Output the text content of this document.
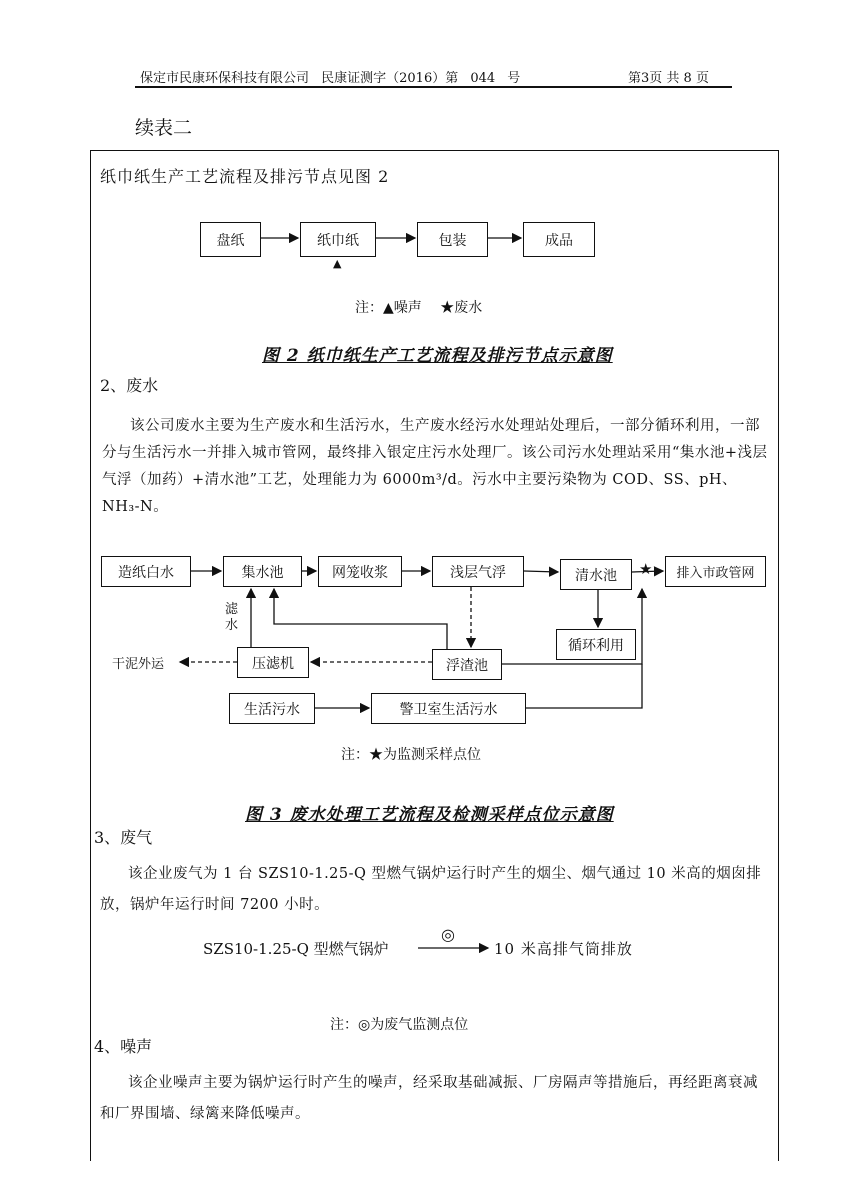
保定市民康环保科技有限公司 民康证测字（2016）第 044 号	第3页 共 8 页
续表二
纸巾纸生产工艺流程及排污节点见图 2
盘纸	纸巾纸	包装	成品
▲
注：▲噪声 ★废水
图 2 纸巾纸生产工艺流程及排污节点示意图
2、废水
该公司废水主要为生产废水和生活污水，生产废水经污水处理站处理后，一部分循环利用，一部分与生活污水一并排入城市管网，最终排入银定庄污水处理厂。该公司污水处理站采用“集水池+浅层气浮（加药）+清水池”工艺，处理能力为 6000m³/d。污水中主要污染物为 COD、SS、pH、NH₃-N。
造纸白水	集水池	网笼收浆	浅层气浮	清水池	排入市政管网
循环利用
压滤机	浮渣池
生活污水	警卫室生活污水
滤水
干泥外运
★
注：★为监测采样点位
图 3 废水处理工艺流程及检测采样点位示意图
3、废气
该企业废气为 1 台 SZS10-1.25-Q 型燃气锅炉运行时产生的烟尘、烟气通过 10 米高的烟囱排放，锅炉年运行时间 7200 小时。
SZS10-1.25-Q 型燃气锅炉
◎
10 米高排气筒排放
注：◎为废气监测点位
4、噪声
该企业噪声主要为锅炉运行时产生的噪声，经采取基础减振、厂房隔声等措施后，再经距离衰减和厂界围墙、绿篱来降低噪声。
